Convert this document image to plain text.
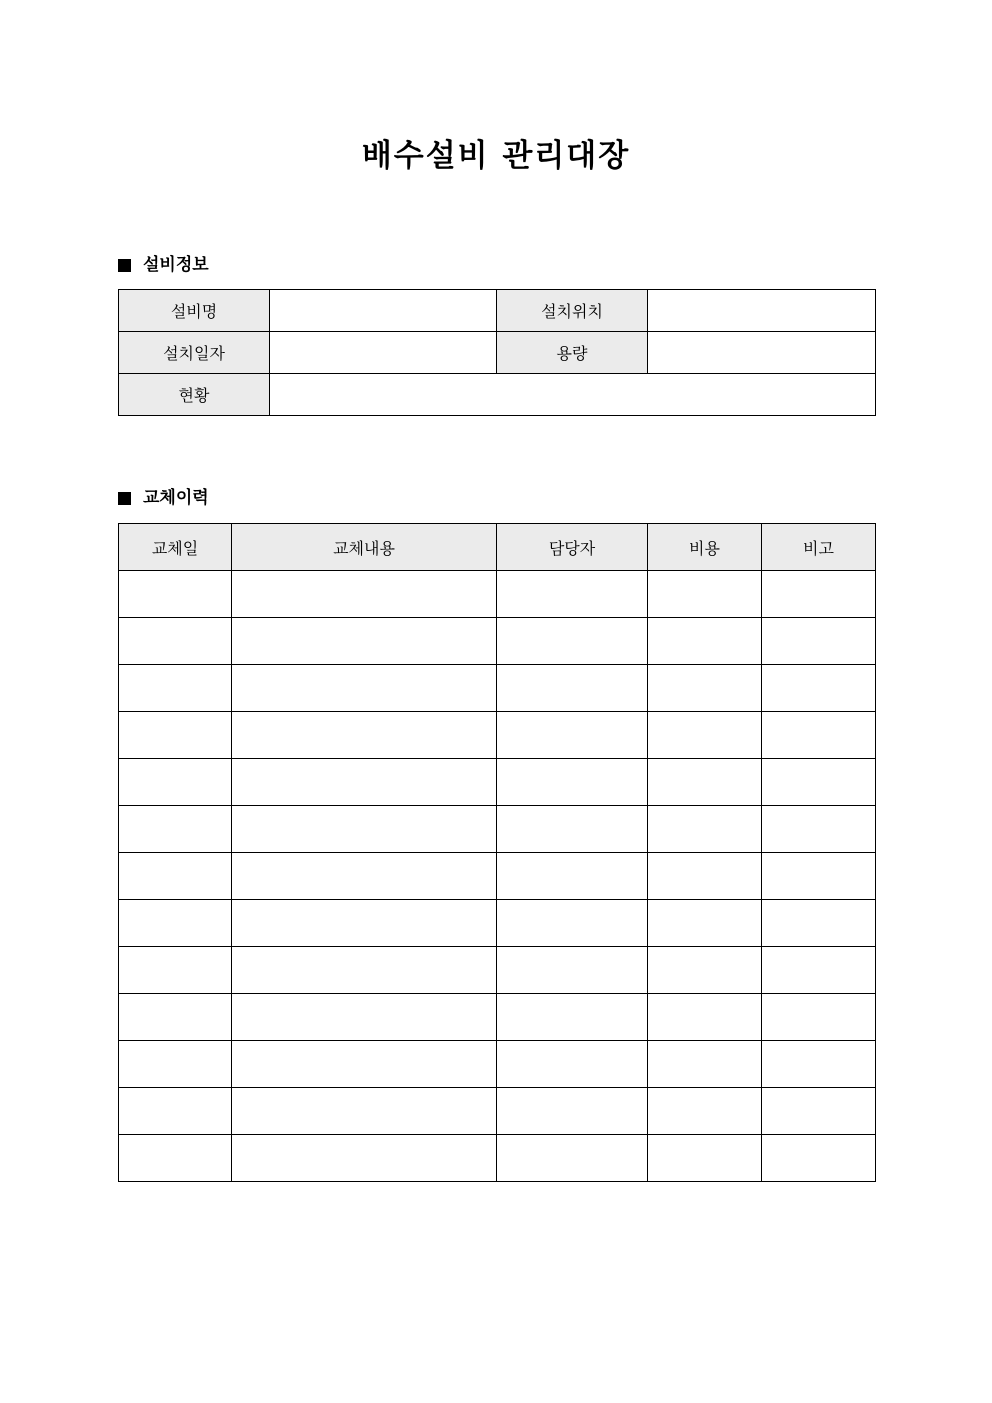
배수설비 관리대장
설비정보
설비명		설치위치	
설치일자		용량	
현황			
교체이력
교체일	교체내용	담당자	비용	비고
